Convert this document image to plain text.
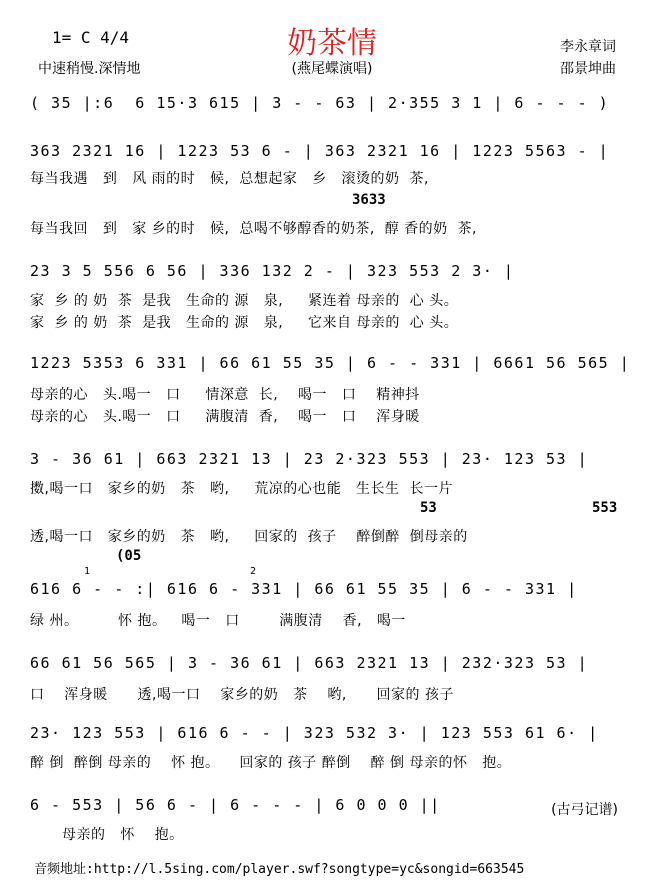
奶茶情
1= C 4/4
中速稍慢.深情地	(燕尾蝶演唱)
李永章词
邵景坤曲
( 35 |:6  6 15·3 615 | 3 - - 63 | 2·355 3 1 | 6 - - - )
363 2321 16 | 1223 53 6 - | 363 2321 16 | 1223 5563 - |
每当我遇   到   风 雨的时   候,  总想起家   乡   滚烫的奶  茶,
3633
每当我回   到   家 乡的时   候,  总喝不够醇香的奶茶,  醇 香的奶  茶,
23 3 5 556 6 56 | 336 132 2 - | 323 553 2 3· |
家  乡 的 奶  茶  是我   生命的 源   泉,     紧连着 母亲的  心 头。
家  乡 的 奶  茶  是我   生命的 源   泉,     它来自 母亲的  心 头。
1223 5353 6 331 | 66 61 55 35 | 6 - - 331 | 6661 56 565 |
母亲的心   头.喝一   口     情深意  长,    喝一   口    精神抖
母亲的心   头.喝一   口     满腹清  香,    喝一   口    浑身暖
3 - 36 61 | 663 2321 13 | 23 2·323 553 | 23· 123 53 |
擞,喝一口   家乡的奶   茶   哟,     荒凉的心也能   生长生  长一片
53	553
透,喝一口   家乡的奶   茶   哟,     回家的  孩子    醉倒醉  倒母亲的
(05
1	2
616 6 - - :| 616 6 - 331 | 66 61 55 35 | 6 - - 331 |
绿 州。        怀 抱。   喝一   口        满腹清    香,   喝一
66 61 56 565 | 3 - 36 61 | 663 2321 13 | 232·323 53 |
口    浑身暖      透,喝一口    家乡的奶   茶    哟,      回家的 孩子
23· 123 553 | 616 6 - - | 323 532 3· | 123 553 61 6· |
醉 倒  醉倒 母亲的    怀 抱。    回家的 孩子 醉倒    醉 倒 母亲的怀   抱。
6 - 553 | 56 6 - | 6 - - - | 6 0 0 0 ||
母亲的   怀    抱。
(古弓记谱)
音频地址:http://l.5sing.com/player.swf?songtype=yc&songid=663545
